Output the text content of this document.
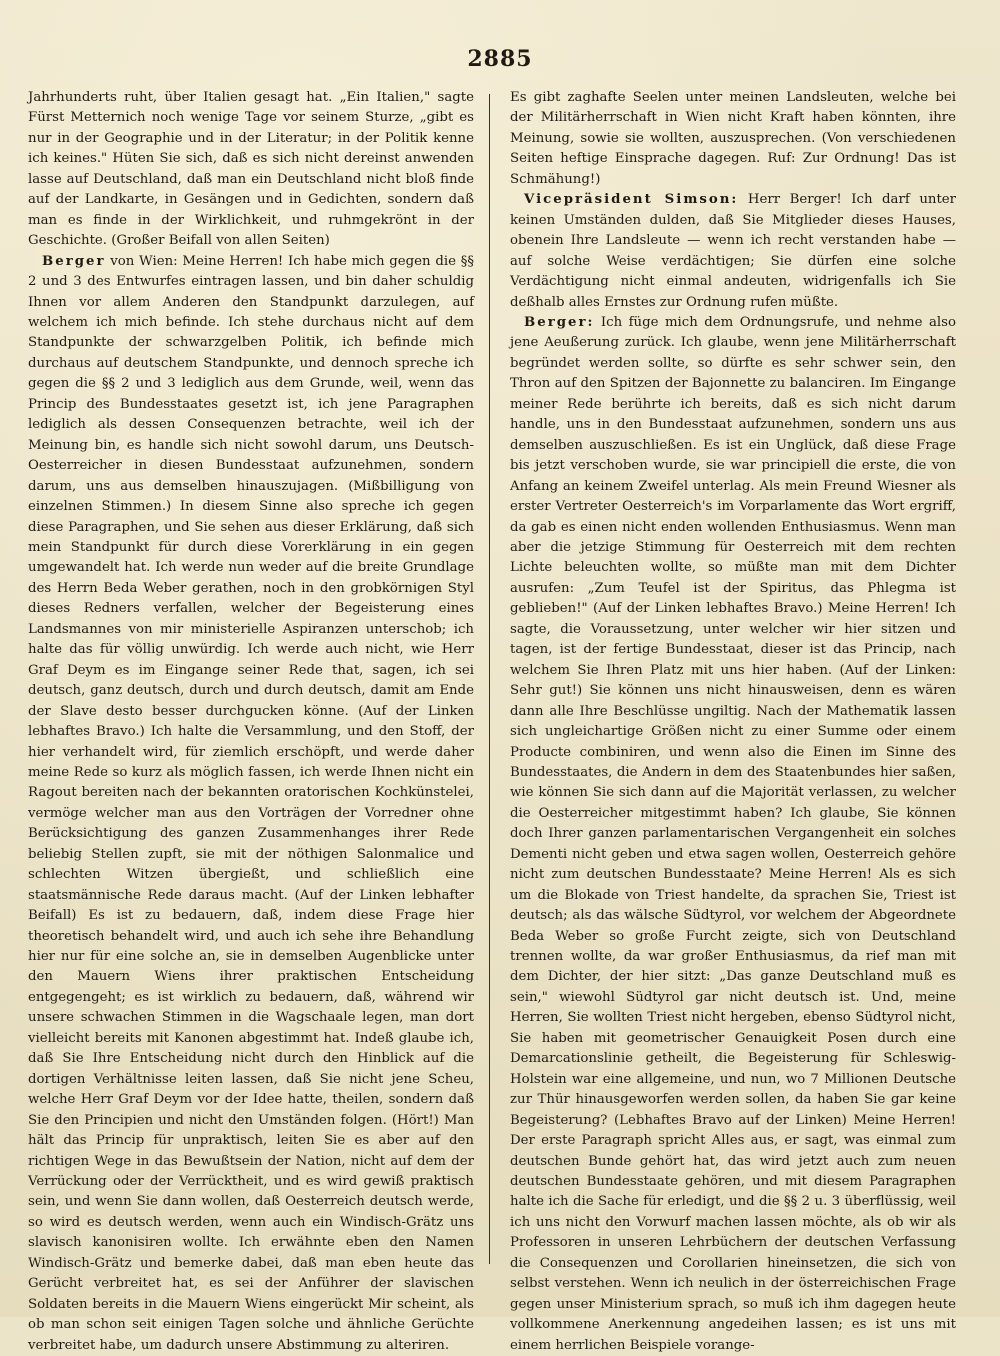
2885

Jahrhunderts ruht, über Italien gesagt hat. „Ein Italien," sagte Fürst Metternich noch wenige Tage vor seinem Sturze, „gibt es nur in der Geographie und in der Literatur; in der Politik kenne ich keines." Hüten Sie sich, daß es sich nicht dereinst anwenden lasse auf Deutschland, daß man ein Deutschland nicht bloß finde auf der Landkarte, in Gesängen und in Gedichten, sondern daß man es finde in der Wirklichkeit, und ruhmgekrönt in der Geschichte. (Großer Beifall von allen Seiten)

Berger von Wien: Meine Herren! Ich habe mich gegen die §§ 2 und 3 des Entwurfes eintragen lassen, und bin daher schuldig Ihnen vor allem Anderen den Standpunkt darzulegen, auf welchem ich mich befinde. Ich stehe durchaus nicht auf dem Standpunkte der schwarzgelben Politik, ich befinde mich durchaus auf deutschem Standpunkte, und dennoch spreche ich gegen die §§ 2 und 3 lediglich aus dem Grunde, weil, wenn das Princip des Bundesstaates gesetzt ist, ich jene Paragraphen lediglich als dessen Consequenzen betrachte, weil ich der Meinung bin, es handle sich nicht sowohl darum, uns Deutsch-Oesterreicher in diesen Bundesstaat aufzunehmen, sondern darum, uns aus demselben hinauszujagen. (Mißbilligung von einzelnen Stimmen.) In diesem Sinne also spreche ich gegen diese Paragraphen, und Sie sehen aus dieser Erklärung, daß sich mein Standpunkt für durch diese Vorerklärung in ein gegen umgewandelt hat. Ich werde nun weder auf die breite Grundlage des Herrn Beda Weber gerathen, noch in den grobkörnigen Styl dieses Redners verfallen, welcher der Begeisterung eines Landsmannes von mir ministerielle Aspiranzen unterschob; ich halte das für völlig unwürdig. Ich werde auch nicht, wie Herr Graf Deym es im Eingange seiner Rede that, sagen, ich sei deutsch, ganz deutsch, durch und durch deutsch, damit am Ende der Slave desto besser durchgucken könne. (Auf der Linken lebhaftes Bravo.) Ich halte die Versammlung, und den Stoff, der hier verhandelt wird, für ziemlich erschöpft, und werde daher meine Rede so kurz als möglich fassen, ich werde Ihnen nicht ein Ragout bereiten nach der bekannten oratorischen Kochkünstelei, vermöge welcher man aus den Vorträgen der Vorredner ohne Berücksichtigung des ganzen Zusammenhanges ihrer Rede beliebig Stellen zupft, sie mit der nöthigen Salonmalice und schlechten Witzen übergießt, und schließlich eine staatsmännische Rede daraus macht. (Auf der Linken lebhafter Beifall) Es ist zu bedauern, daß, indem diese Frage hier theoretisch behandelt wird, und auch ich sehe ihre Behandlung hier nur für eine solche an, sie in demselben Augenblicke unter den Mauern Wiens ihrer praktischen Entscheidung entgegengeht; es ist wirklich zu bedauern, daß, während wir unsere schwachen Stimmen in die Wagschaale legen, man dort vielleicht bereits mit Kanonen abgestimmt hat. Indeß glaube ich, daß Sie Ihre Entscheidung nicht durch den Hinblick auf die dortigen Verhältnisse leiten lassen, daß Sie nicht jene Scheu, welche Herr Graf Deym vor der Idee hatte, theilen, sondern daß Sie den Principien und nicht den Umständen folgen. (Hört!) Man hält das Princip für unpraktisch, leiten Sie es aber auf den richtigen Wege in das Bewußtsein der Nation, nicht auf dem der Verrückung oder der Verrücktheit, und es wird gewiß praktisch sein, und wenn Sie dann wollen, daß Oesterreich deutsch werde, so wird es deutsch werden, wenn auch ein Windisch-Grätz uns slavisch kanonisiren wollte. Ich erwähnte eben den Namen Windisch-Grätz und bemerke dabei, daß man eben heute das Gerücht verbreitet hat, es sei der Anführer der slavischen Soldaten bereits in die Mauern Wiens eingerückt Mir scheint, als ob man schon seit einigen Tagen solche und ähnliche Gerüchte verbreitet habe, um dadurch unsere Abstimmung zu alteriren.

Es gibt zaghafte Seelen unter meinen Landsleuten, welche bei der Militärherrschaft in Wien nicht Kraft haben könnten, ihre Meinung, sowie sie wollten, auszusprechen. (Von verschiedenen Seiten heftige Einsprache dagegen. Ruf: Zur Ordnung! Das ist Schmähung!)

Vicepräsident Simson: Herr Berger! Ich darf unter keinen Umständen dulden, daß Sie Mitglieder dieses Hauses, obenein Ihre Landsleute — wenn ich recht verstanden habe — auf solche Weise verdächtigen; Sie dürfen eine solche Verdächtigung nicht einmal andeuten, widrigenfalls ich Sie deßhalb alles Ernstes zur Ordnung rufen müßte.

Berger: Ich füge mich dem Ordnungsrufe, und nehme also jene Aeußerung zurück. Ich glaube, wenn jene Militärherrschaft begründet werden sollte, so dürfte es sehr schwer sein, den Thron auf den Spitzen der Bajonnette zu balanciren. Im Eingange meiner Rede berührte ich bereits, daß es sich nicht darum handle, uns in den Bundesstaat aufzunehmen, sondern uns aus demselben auszuschließen. Es ist ein Unglück, daß diese Frage bis jetzt verschoben wurde, sie war principiell die erste, die von Anfang an keinem Zweifel unterlag. Als mein Freund Wiesner als erster Vertreter Oesterreich's im Vorparlamente das Wort ergriff, da gab es einen nicht enden wollenden Enthusiasmus. Wenn man aber die jetzige Stimmung für Oesterreich mit dem rechten Lichte beleuchten wollte, so müßte man mit dem Dichter ausrufen: „Zum Teufel ist der Spiritus, das Phlegma ist geblieben!" (Auf der Linken lebhaftes Bravo.) Meine Herren! Ich sagte, die Voraussetzung, unter welcher wir hier sitzen und tagen, ist der fertige Bundesstaat, dieser ist das Princip, nach welchem Sie Ihren Platz mit uns hier haben. (Auf der Linken: Sehr gut!) Sie können uns nicht hinausweisen, denn es wären dann alle Ihre Beschlüsse ungiltig. Nach der Mathematik lassen sich ungleichartige Größen nicht zu einer Summe oder einem Producte combiniren, und wenn also die Einen im Sinne des Bundesstaates, die Andern in dem des Staatenbundes hier saßen, wie können Sie sich dann auf die Majorität verlassen, zu welcher die Oesterreicher mitgestimmt haben? Ich glaube, Sie können doch Ihrer ganzen parlamentarischen Vergangenheit ein solches Dementi nicht geben und etwa sagen wollen, Oesterreich gehöre nicht zum deutschen Bundesstaate? Meine Herren! Als es sich um die Blokade von Triest handelte, da sprachen Sie, Triest ist deutsch; als das wälsche Südtyrol, vor welchem der Abgeordnete Beda Weber so große Furcht zeigte, sich von Deutschland trennen wollte, da war großer Enthusiasmus, da rief man mit dem Dichter, der hier sitzt: „Das ganze Deutschland muß es sein," wiewohl Südtyrol gar nicht deutsch ist. Und, meine Herren, Sie wollten Triest nicht hergeben, ebenso Südtyrol nicht, Sie haben mit geometrischer Genauigkeit Posen durch eine Demarcationslinie getheilt, die Begeisterung für Schleswig-Holstein war eine allgemeine, und nun, wo 7 Millionen Deutsche zur Thür hinausgeworfen werden sollen, da haben Sie gar keine Begeisterung? (Lebhaftes Bravo auf der Linken) Meine Herren! Der erste Paragraph spricht Alles aus, er sagt, was einmal zum deutschen Bunde gehört hat, das wird jetzt auch zum neuen deutschen Bundesstaate gehören, und mit diesem Paragraphen halte ich die Sache für erledigt, und die §§ 2 u. 3 überflüssig, weil ich uns nicht den Vorwurf machen lassen möchte, als ob wir als Professoren in unseren Lehrbüchern der deutschen Verfassung die Consequenzen und Corollarien hineinsetzen, die sich von selbst verstehen. Wenn ich neulich in der österreichischen Frage gegen unser Ministerium sprach, so muß ich ihm dagegen heute vollkommene Anerkennung angedeihen lassen; es ist uns mit einem herrlichen Beispiele vorange-
